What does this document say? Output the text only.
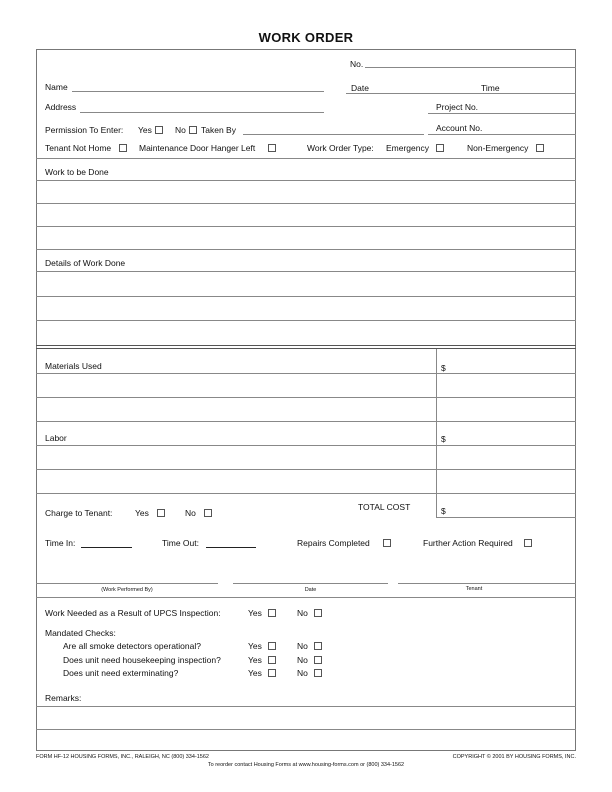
WORK ORDER
No.
Name	Date	Time
Address	Project No.
Permission To Enter: Yes	No Taken By	Account No.
Tenant Not Home	Maintenance Door Hanger Left	Work Order Type: Emergency	Non-Emergency
Work to be Done
Details of Work Done
Materials Used	$
Labor	$
TOTAL COST	$
Charge to Tenant:	Yes	No
Time In:	Time Out:	Repairs Completed	Further Action Required
(Work Performed By)	Date	Tenant
Work Needed as a Result of UPCS Inspection:	Yes	No
Mandated Checks:
Are all smoke detectors operational?	Yes	No
Does unit need housekeeping inspection?	Yes	No
Does unit need exterminating?	Yes	No
Remarks:
FORM HF-12 HOUSING FORMS, INC., RALEIGH, NC (800) 334-1562	COPYRIGHT © 2001 BY HOUSING FORMS, INC.
To reorder contact Housing Forms at www.housing-forms.com or (800) 334-1562
